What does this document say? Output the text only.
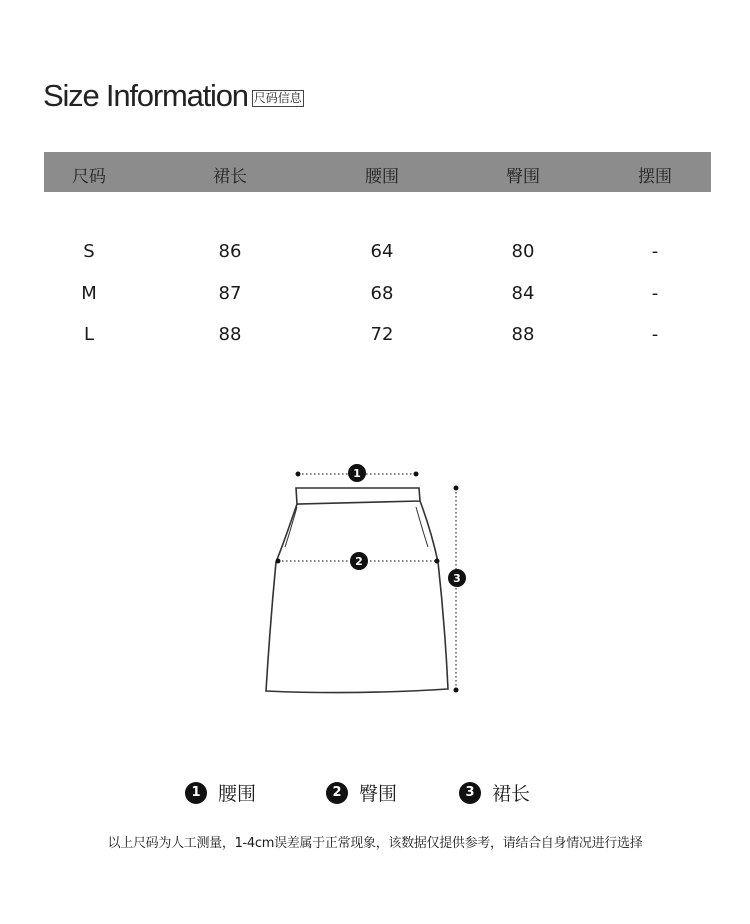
Size Information 尺码信息
尺码	裙长	腰围	臀围	摆围
S	86	64	80	-
M	87	68	84	-
L	88	72	88	-
1
2
3
1 腰围	2 臀围	3 裙长
以上尺码为人工测量，1-4cm误差属于正常现象，该数据仅提供参考，请结合自身情况进行选择
